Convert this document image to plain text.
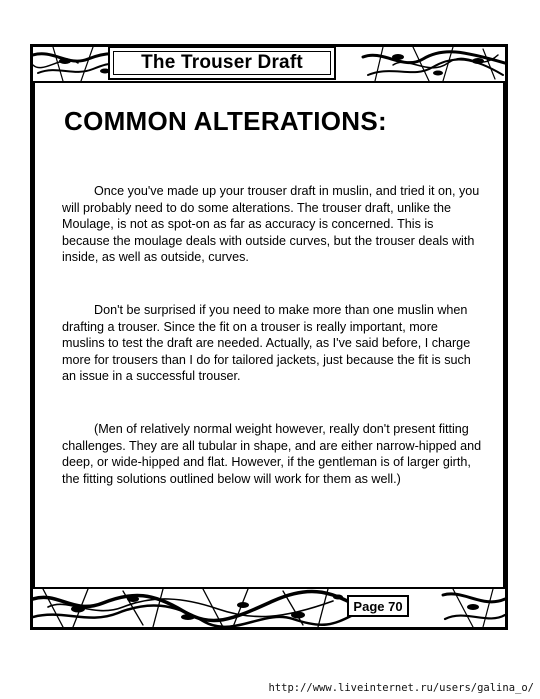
The Trouser Draft
COMMON ALTERATIONS:

Once you've made up your trouser draft in muslin, and tried it on, you will probably need to do some alterations. The trouser draft, unlike the Moulage, is not as spot-on as far as accuracy is concerned. This is because the moulage deals with outside curves, but the trouser deals with inside, as well as outside, curves.

Don't be surprised if you need to make more than one muslin when drafting a trouser. Since the fit on a trouser is really important, more muslins to test the draft are needed. Actually, as I've said before, I charge more for trousers than I do for tailored jackets, just because the fit is such an issue in a successful trouser.

(Men of relatively normal weight however, really don't present fitting challenges. They are all tubular in shape, and are either narrow-hipped and deep, or wide-hipped and flat. However, if the gentleman is of larger girth, the fitting solutions outlined below will work for them as well.)

Page 70
http://www.liveinternet.ru/users/galina_o/
